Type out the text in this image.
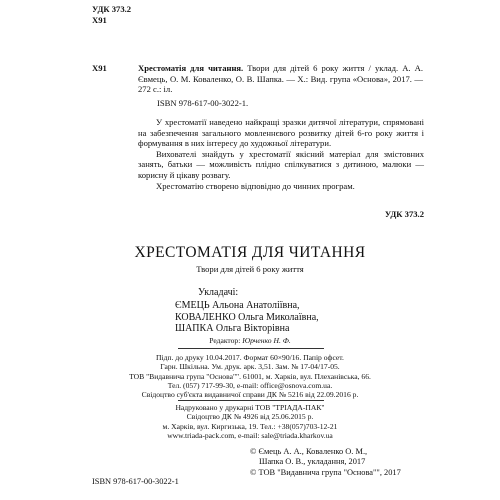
УДК 373.2
Х91
Х91	Хрестоматія для читання. Твори для дітей 6 року життя / уклад. А. А. Євмець, О. М. Коваленко, О. В. Шапка. — Х.: Вид. група «Основа», 2017. — 272 с.: іл.
ISBN 978-617-00-3022-1.

У хрестоматії наведено найкращі зразки дитячої літератури, спрямовані на забезпечення загального мовленнєвого розвитку дітей 6-го року життя і формування в них інтересу до художньої літератури.

Вихователі знайдуть у хрестоматії якісний матеріал для змістовних занять, батьки — можливість плідно спілкуватися з дитиною, малюки — корисну й цікаву розвагу.

Хрестоматію створено відповідно до чинних програм.

УДК 373.2
ХРЕСТОМАТІЯ ДЛЯ ЧИТАННЯ
Твори для дітей 6 року життя
Укладачі:
ЄМЕЦЬ Альона Анатоліївна,
КОВАЛЕНКО Ольга Миколаївна,
ШАПКА Ольга Вікторівна
Редактор: Юрченко Н. Ф.
Підп. до друку 10.04.2017. Формат 60×90/16. Папір офсет.
Гарн. Шкільна. Ум. друк. арк. 3,51. Зам. № 17-04/17-05.
ТОВ "Видавнича група "Основа"". 61001, м. Харків, вул. Плеханівська, 66.
Тел. (057) 717-99-30, e-mail: office@osnova.com.ua.
Свідоцтво суб'єкта видавничої справи ДК № 5216 від 22.09.2016 р.
Надруковано у друкарні ТОВ "ТРІАДА-ПАК"
Свідоцтво ДК № 4926 від 25.06.2015 р.
м. Харків, вул. Киргизька, 19. Тел.: +38(057)703-12-21
www.triada-pack.com, e-mail: sale@triada.kharkov.ua
ISBN 978-617-00-3022-1
© Ємець А. А., Коваленко О. М.,
Шапка О. В., укладання, 2017
© ТОВ "Видавнича група "Основа"", 2017
